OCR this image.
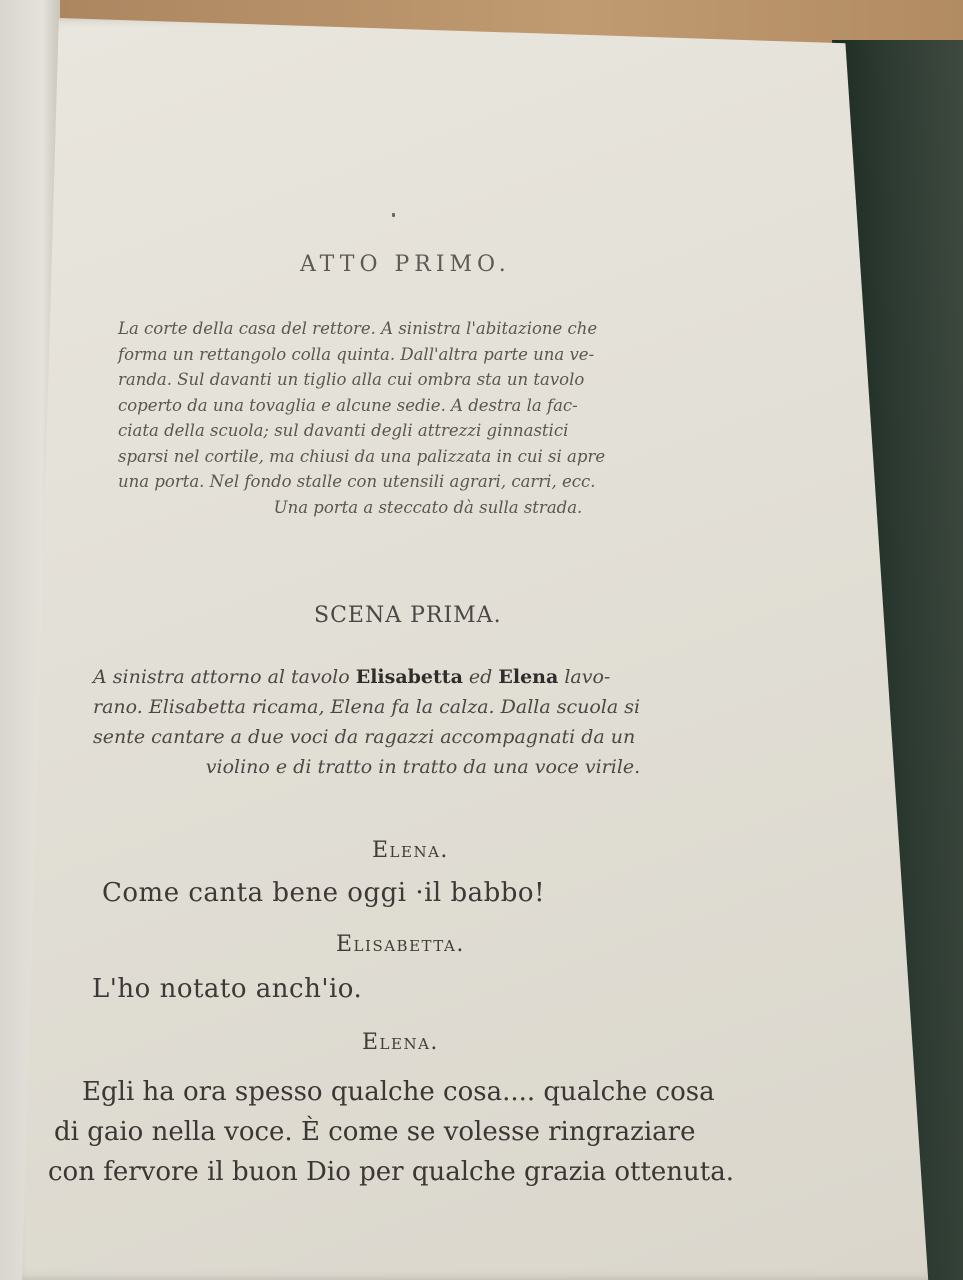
ATTO PRIMO.
La corte della casa del rettore. A sinistra l'abitazione che
forma un rettangolo colla quinta. Dall'altra parte una ve-
randa. Sul davanti un tiglio alla cui ombra sta un tavolo
coperto da una tovaglia e alcune sedie. A destra la fac-
ciata della scuola; sul davanti degli attrezzi ginnastici
sparsi nel cortile, ma chiusi da una palizzata in cui si apre
una porta. Nel fondo stalle con utensili agrari, carri, ecc.
Una porta a steccato dà sulla strada.
SCENA PRIMA.
A sinistra attorno al tavolo Elisabetta ed Elena lavo-
rano. Elisabetta ricama, Elena fa la calza. Dalla scuola si
sente cantare a due voci da ragazzi accompagnati da un
violino e di tratto in tratto da una voce virile.
Elena.
Come canta bene oggi ·il babbo!
Elisabetta.
L'ho notato anch'io.
Elena.
Egli ha ora spesso qualche cosa.... qualche cosa
di gaio nella voce. È come se volesse ringraziare
con fervore il buon Dio per qualche grazia ottenuta.
